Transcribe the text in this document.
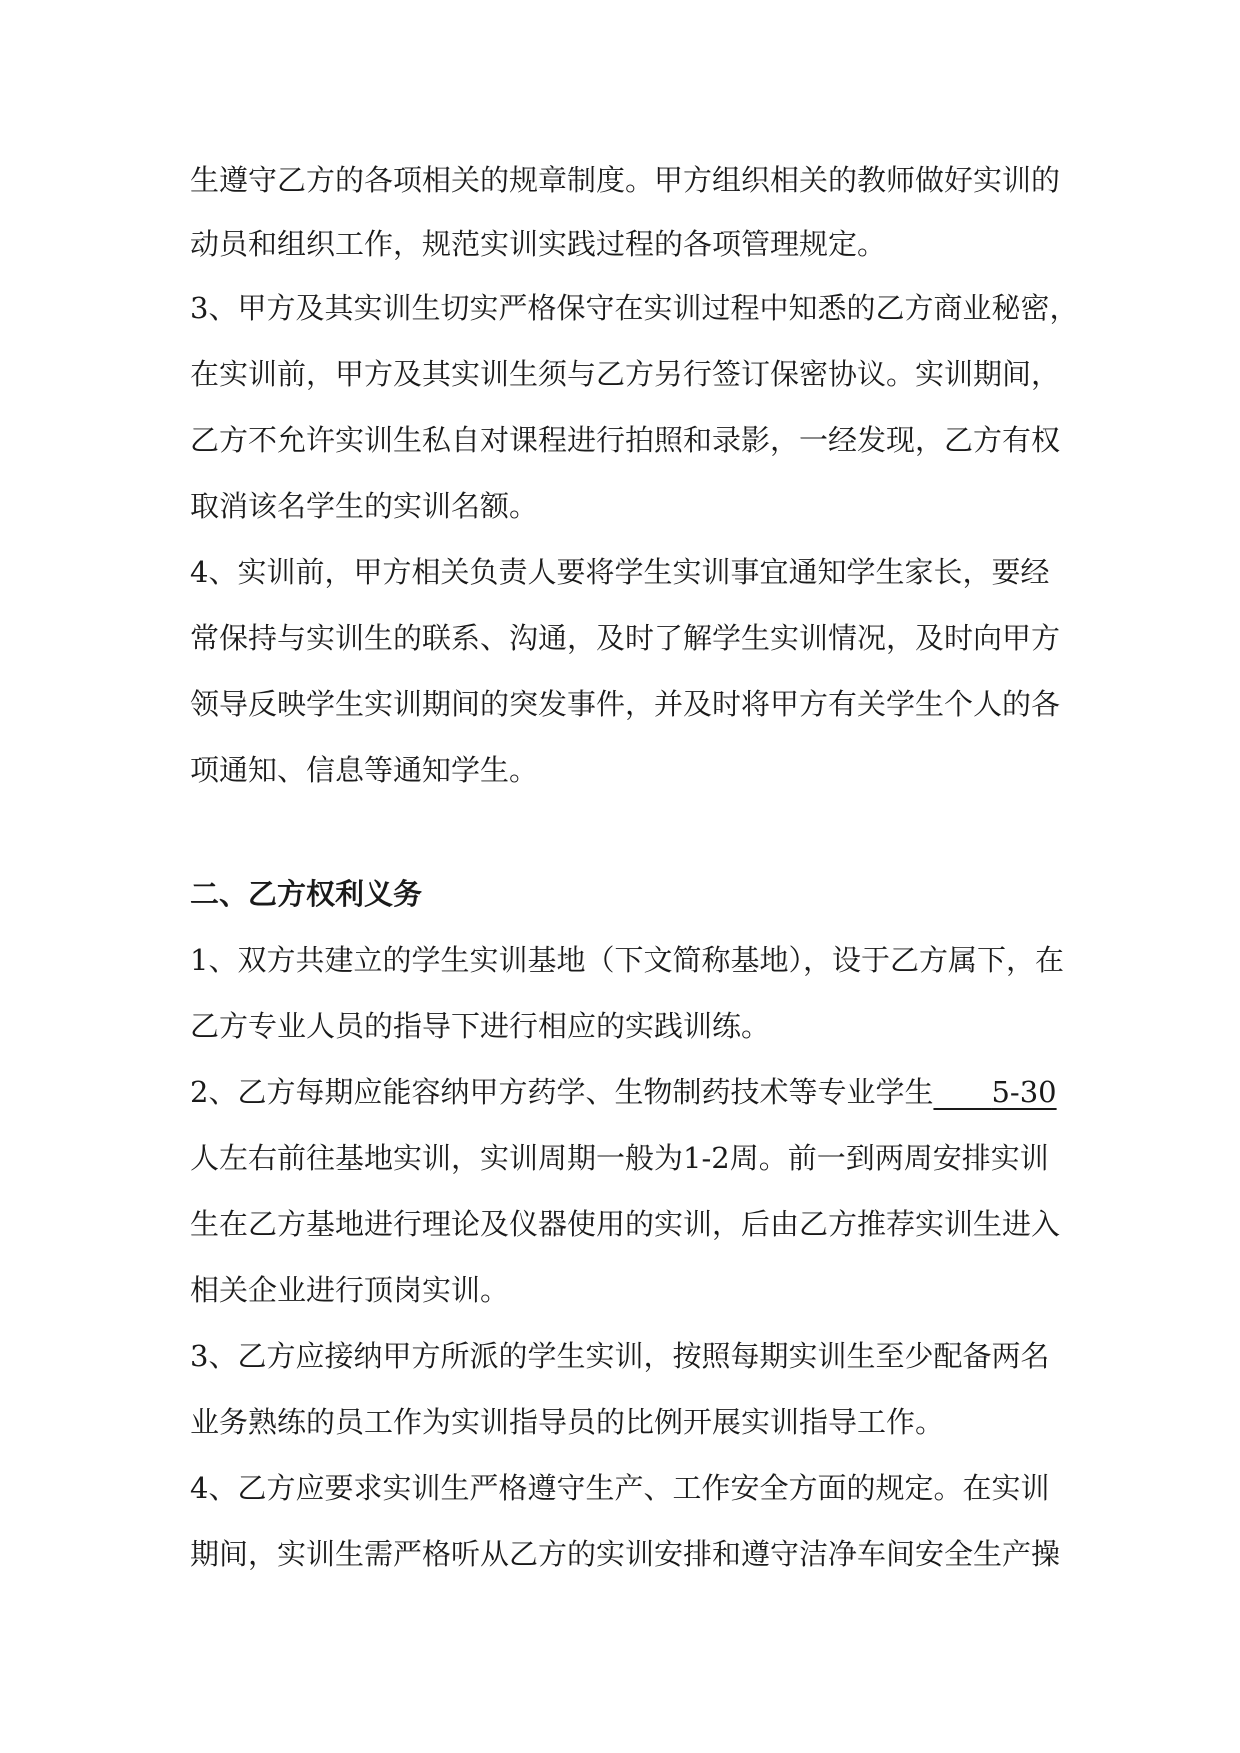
生遵守乙方的各项相关的规章制度。甲方组织相关的教师做好实训的
动员和组织工作，规范实训实践过程的各项管理规定。
3、甲方及其实训生切实严格保守在实训过程中知悉的乙方商业秘密，
在实训前，甲方及其实训生须与乙方另行签订保密协议。实训期间，
乙方不允许实训生私自对课程进行拍照和录影，一经发现，乙方有权
取消该名学生的实训名额。
4、实训前，甲方相关负责人要将学生实训事宜通知学生家长，要经
常保持与实训生的联系、沟通，及时了解学生实训情况，及时向甲方
领导反映学生实训期间的突发事件，并及时将甲方有关学生个人的各
项通知、信息等通知学生。
二、乙方权利义务
1、双方共建立的学生实训基地（下文简称基地），设于乙方属下，在
乙方专业人员的指导下进行相应的实践训练。
2、乙方每期应能容纳甲方药学、生物制药技术等专业学生
  	5-30
人左右前往基地实训，实训周期一般为1-2周。前一到两周安排实训
生在乙方基地进行理论及仪器使用的实训，后由乙方推荐实训生进入
相关企业进行顶岗实训。
3、乙方应接纳甲方所派的学生实训，按照每期实训生至少配备两名
业务熟练的员工作为实训指导员的比例开展实训指导工作。
4、乙方应要求实训生严格遵守生产、工作安全方面的规定。在实训
期间，实训生需严格听从乙方的实训安排和遵守洁净车间安全生产操
